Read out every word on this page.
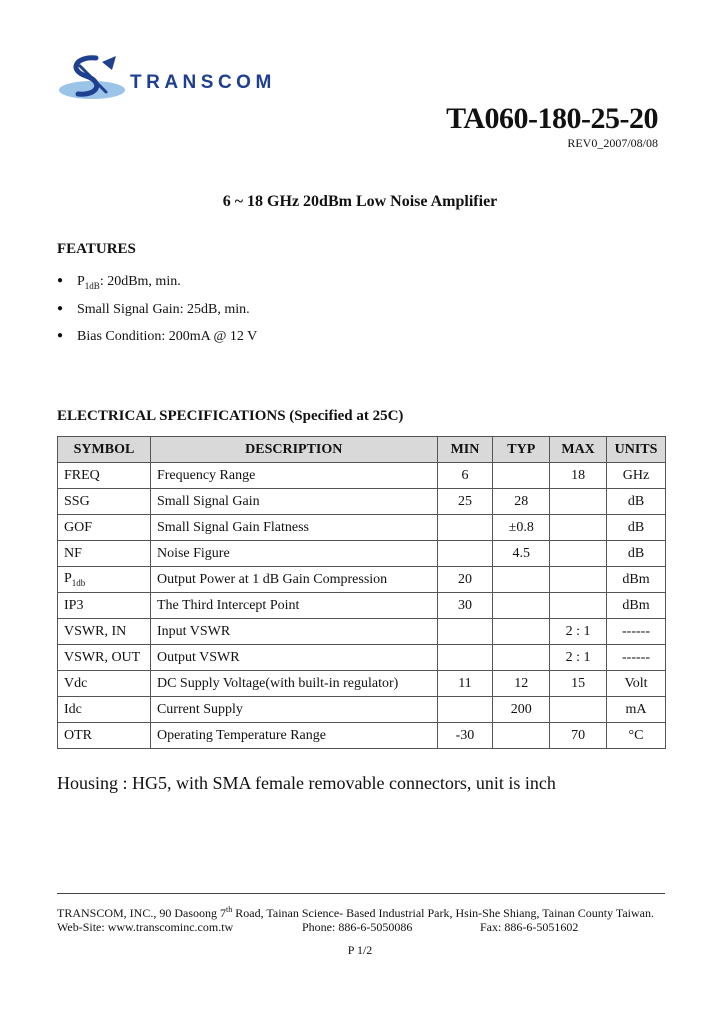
TRANSCOM
TA060-180-25-20
REV0_2007/08/08
6 ~ 18 GHz 20dBm Low Noise Amplifier
FEATURES
● $P_{1dB}$: 20dBm, min.
● Small Signal Gain: 25dB, min.
● Bias Condition: 200mA @ 12 V
ELECTRICAL SPECIFICATIONS (Specified at 25C)
SYMBOL	DESCRIPTION	MIN	TYP	MAX	UNITS
FREQ	Frequency Range	6		18	GHz
SSG	Small Signal Gain	25	28		dB
GOF	Small Signal Gain Flatness		±0.8		dB
NF	Noise Figure		4.5		dB
$P_{1db}$	Output Power at 1 dB Gain Compression	20			dBm
IP3	The Third Intercept Point	30			dBm
VSWR, IN	Input VSWR			2 : 1	------
VSWR, OUT	Output VSWR			2 : 1	------
Vdc	DC Supply Voltage(with built-in regulator)	11	12	15	Volt
Idc	Current Supply		200		mA
OTR	Operating Temperature Range	-30		70	°C
Housing : HG5, with SMA female removable connectors, unit is inch
TRANSCOM, INC., 90 Dasoong 7th Road, Tainan Science- Based Industrial Park, Hsin-She Shiang, Tainan County Taiwan.
Web-Site: www.transcominc.com.tw	Phone: 886-6-5050086	Fax: 886-6-5051602
P 1/2
